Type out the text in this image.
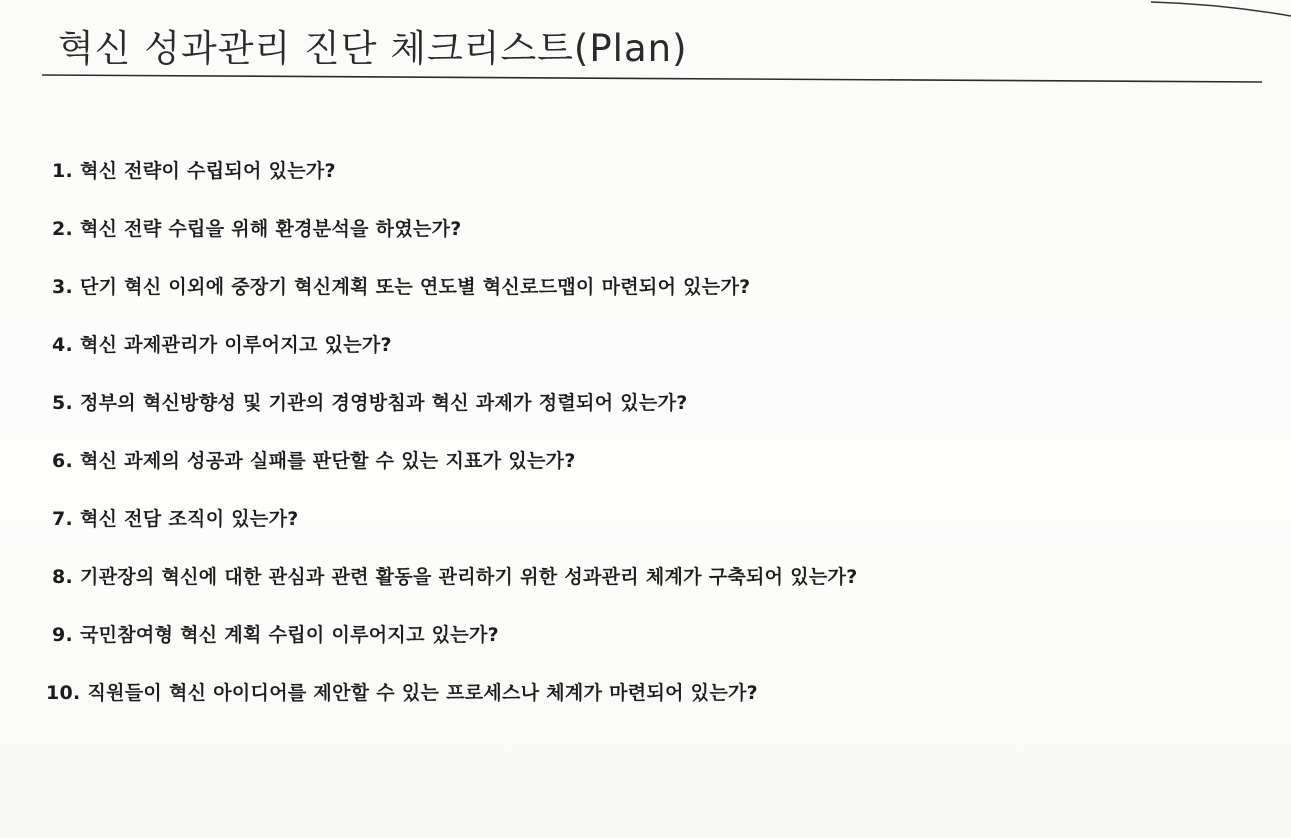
혁신 성과관리 진단 체크리스트(Plan)
1. 혁신 전략이 수립되어 있는가?
2. 혁신 전략 수립을 위해 환경분석을 하였는가?
3. 단기 혁신 이외에 중장기 혁신계획 또는 연도별 혁신로드맵이 마련되어 있는가?
4. 혁신 과제관리가 이루어지고 있는가?
5. 정부의 혁신방향성 및 기관의 경영방침과 혁신 과제가 정렬되어 있는가?
6. 혁신 과제의 성공과 실패를 판단할 수 있는 지표가 있는가?
7. 혁신 전담 조직이 있는가?
8. 기관장의 혁신에 대한 관심과 관련 활동을 관리하기 위한 성과관리 체계가 구축되어 있는가?
9. 국민참여형 혁신 계획 수립이 이루어지고 있는가?
10. 직원들이 혁신 아이디어를 제안할 수 있는 프로세스나 체계가 마련되어 있는가?
